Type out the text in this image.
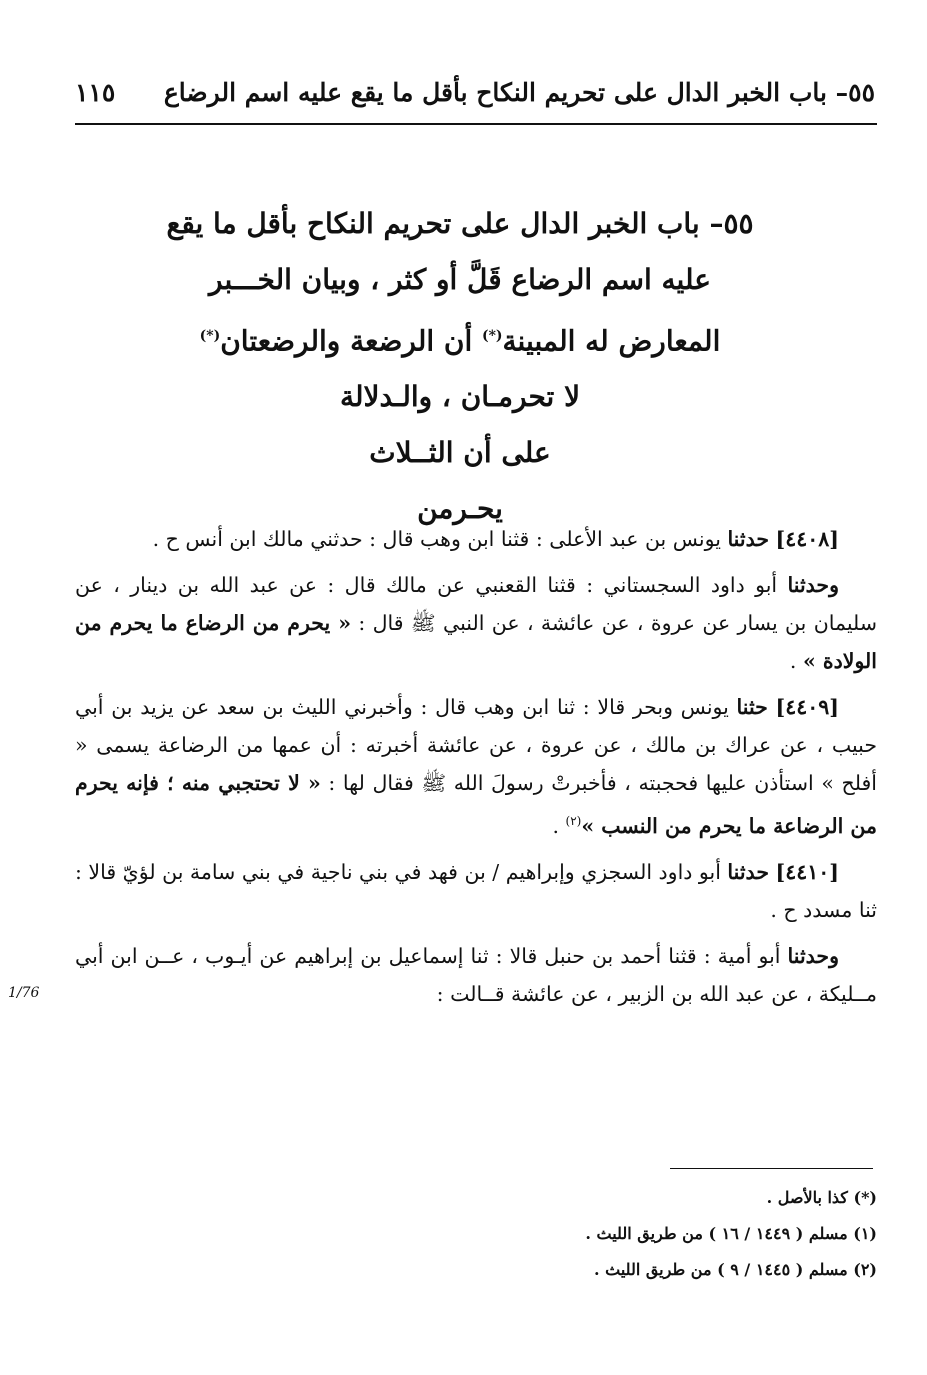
٥٥– باب الخبر الدال على تحريم النكاح بأقل ما يقع عليه اسم الرضاع
١١٥
٥٥– باب الخبر الدال على تحريم النكاح بأقل ما يقع
عليه اسم الرضاع قَلَّ أو كثر ، وبيان الخـــبر
المعارض له المبينة(*) أن الرضعة والرضعتان(*)
لا تحرمـان ، والـدلالة
على أن الثــلاث
يحـرمن

[٤٤٠٨] حدثنا يونس بن عبد الأعلى : قثنا ابن وهب قال : حدثني مالك ابن أنس ح .

وحدثنا أبو داود السجستاني : قثنا القعنبي عن مالك قال : عن عبد الله بن دينار ، عن سليمان بن يسار عن عروة ، عن عائشة ، عن النبي ﷺ قال : « يحرم من الرضاع ما يحرم من الولادة » .

[٤٤٠٩] حثنا يونس وبحر قالا : ثنا ابن وهب قال : وأخبرني الليث بن سعد عن يزيد بن أبي حبيب ، عن عراك بن مالك ، عن عروة ، عن عائشة أخبرته : أن عمها من الرضاعة يسمى « أفلح » استأذن عليها فحجبته ، فأخبرتْ رسولَ الله ﷺ فقال لها : « لا تحتجبي منه ؛ فإنه يحرم من الرضاعة ما يحرم من النسب »$^{(٢)}$ .

[٤٤١٠] حدثنا أبو داود السجزي وإبراهيم / بن فهد في بني ناجية في بني سامة بن لؤيّ قالا : ثنا مسدد ح .

وحدثنا أبو أمية : قثنا أحمد بن حنبل قالا : ثنا إسماعيل بن إبراهيم عن أيـوب ، عــن ابن أبي مــليكة ، عن عبد الله بن الزبير ، عن عائشة قــالت :

1/76
(*) كذا بالأصل .
(١) مسلم ( ١٤٤٩ / ١٦ ) من طريق الليث .
(٢) مسلم ( ١٤٤٥ / ٩ ) من طريق الليث .
